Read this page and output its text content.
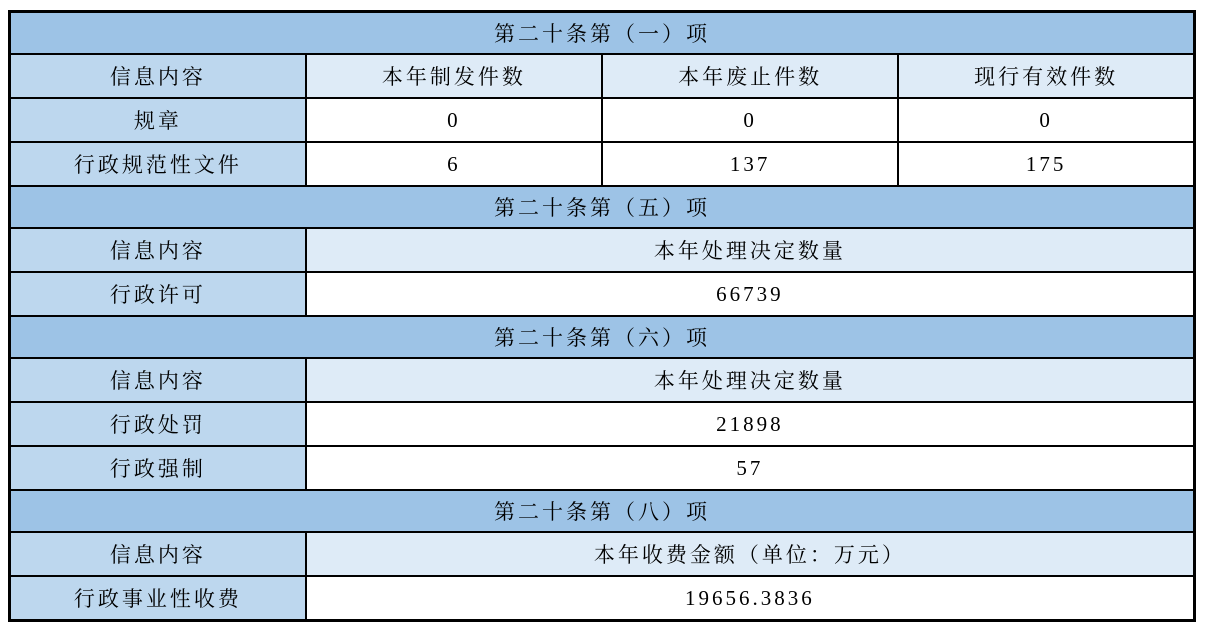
第二十条第（一）项			
信息内容	本年制发件数	本年废止件数	现行有效件数
规章	0	0	0
行政规范性文件	6	137	175
第二十条第（五）项			
信息内容	本年处理决定数量		
行政许可	66739		
第二十条第（六）项			
信息内容	本年处理决定数量		
行政处罚	21898		
行政强制	57		
第二十条第（八）项			
信息内容	本年收费金额（单位：万元）		
行政事业性收费	19656.3836		
